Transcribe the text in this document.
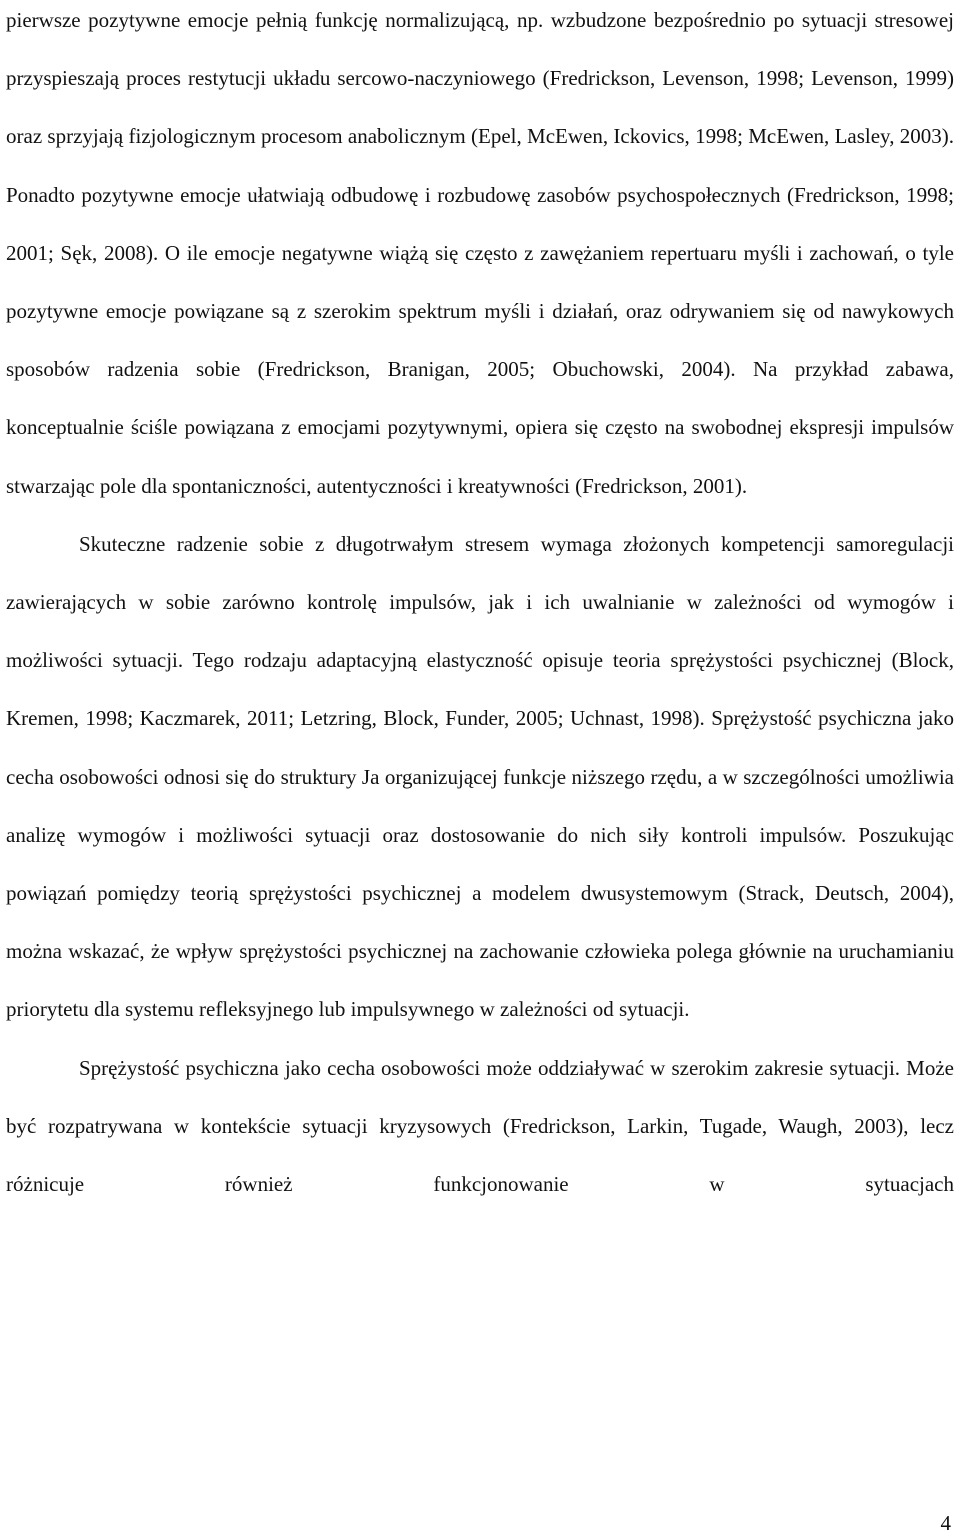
pierwsze pozytywne emocje pełnią funkcję normalizującą, np. wzbudzone bezpośrednio po sytuacji stresowej przyspieszają proces restytucji układu sercowo-naczyniowego (Fredrickson, Levenson, 1998; Levenson, 1999) oraz sprzyjają fizjologicznym procesom anabolicznym (Epel, McEwen, Ickovics, 1998; McEwen, Lasley, 2003). Ponadto pozytywne emocje ułatwiają odbudowę i rozbudowę zasobów psychospołecznych (Fredrickson, 1998; 2001; Sęk, 2008). O ile emocje negatywne wiążą się często z zawężaniem repertuaru myśli i zachowań, o tyle pozytywne emocje powiązane są z szerokim spektrum myśli i działań, oraz odrywaniem się od nawykowych sposobów radzenia sobie (Fredrickson, Branigan, 2005; Obuchowski, 2004). Na przykład zabawa, konceptualnie ściśle powiązana z emocjami pozytywnymi, opiera się często na swobodnej ekspresji impulsów stwarzając pole dla spontaniczności, autentyczności i kreatywności (Fredrickson, 2001).

Skuteczne radzenie sobie z długotrwałym stresem wymaga złożonych kompetencji samoregulacji zawierających w sobie zarówno kontrolę impulsów, jak i ich uwalnianie w zależności od wymogów i możliwości sytuacji. Tego rodzaju adaptacyjną elastyczność opisuje teoria sprężystości psychicznej (Block, Kremen, 1998; Kaczmarek, 2011; Letzring, Block, Funder, 2005; Uchnast, 1998). Sprężystość psychiczna jako cecha osobowości odnosi się do struktury Ja organizującej funkcje niższego rzędu, a w szczególności umożliwia analizę wymogów i możliwości sytuacji oraz dostosowanie do nich siły kontroli impulsów. Poszukując powiązań pomiędzy teorią sprężystości psychicznej a modelem dwusystemowym (Strack, Deutsch, 2004), można wskazać, że wpływ sprężystości psychicznej na zachowanie człowieka polega głównie na uruchamianiu priorytetu dla systemu refleksyjnego lub impulsywnego w zależności od sytuacji.

Sprężystość psychiczna jako cecha osobowości może oddziaływać w szerokim zakresie sytuacji. Może być rozpatrywana w kontekście sytuacji kryzysowych (Fredrickson, Larkin, Tugade, Waugh, 2003), lecz różnicuje również funkcjonowanie w sytuacjach

4
